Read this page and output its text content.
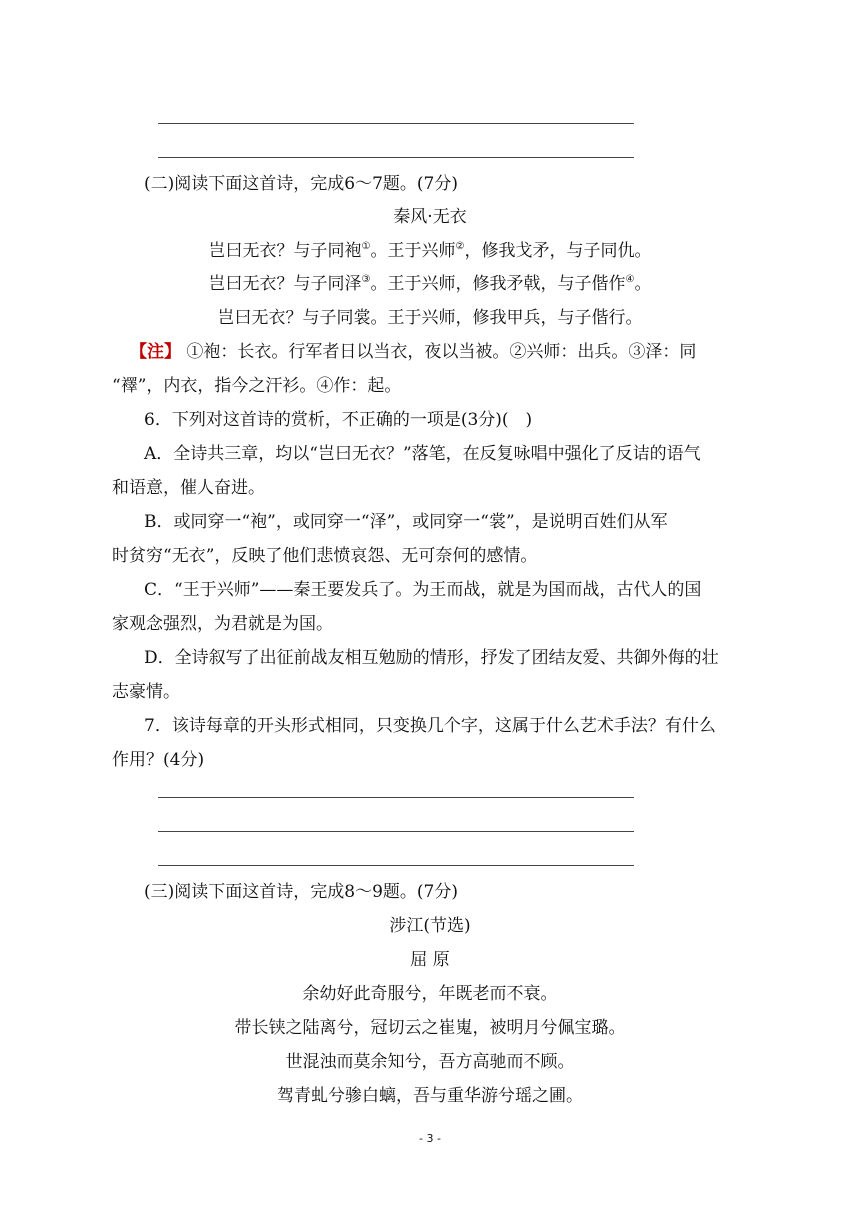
(二)阅读下面这首诗，完成6～7题。(7分)
秦风·无衣
岂曰无衣？与子同袍①。王于兴师②，修我戈矛，与子同仇。
岂曰无衣？与子同泽③。王于兴师，修我矛戟，与子偕作④。
岂曰无衣？与子同裳。王于兴师，修我甲兵，与子偕行。
【注】 ①袍：长衣。行军者日以当衣，夜以当被。②兴师：出兵。③泽：同
“襗”，内衣，指今之汗衫。④作：起。
6．下列对这首诗的赏析，不正确的一项是(3分)(　)
A．全诗共三章，均以“岂曰无衣？”落笔，在反复咏唱中强化了反诘的语气
和语意，催人奋进。
B．或同穿一“袍”，或同穿一“泽”，或同穿一“裳”，是说明百姓们从军
时贫穷“无衣”，反映了他们悲愤哀怨、无可奈何的感情。
C．“王于兴师”——秦王要发兵了。为王而战，就是为国而战，古代人的国
家观念强烈，为君就是为国。
D．全诗叙写了出征前战友相互勉励的情形，抒发了团结友爱、共御外侮的壮
志豪情。
7．该诗每章的开头形式相同，只变换几个字，这属于什么艺术手法？有什么
作用？(4分)
(三)阅读下面这首诗，完成8～9题。(7分)
涉江(节选)
屈 原
余幼好此奇服兮，年既老而不衰。
带长铗之陆离兮，冠切云之崔嵬，被明月兮佩宝璐。
世混浊而莫余知兮，吾方高驰而不顾。
驾青虬兮骖白螭，吾与重华游兮瑶之圃。
- 3 -
